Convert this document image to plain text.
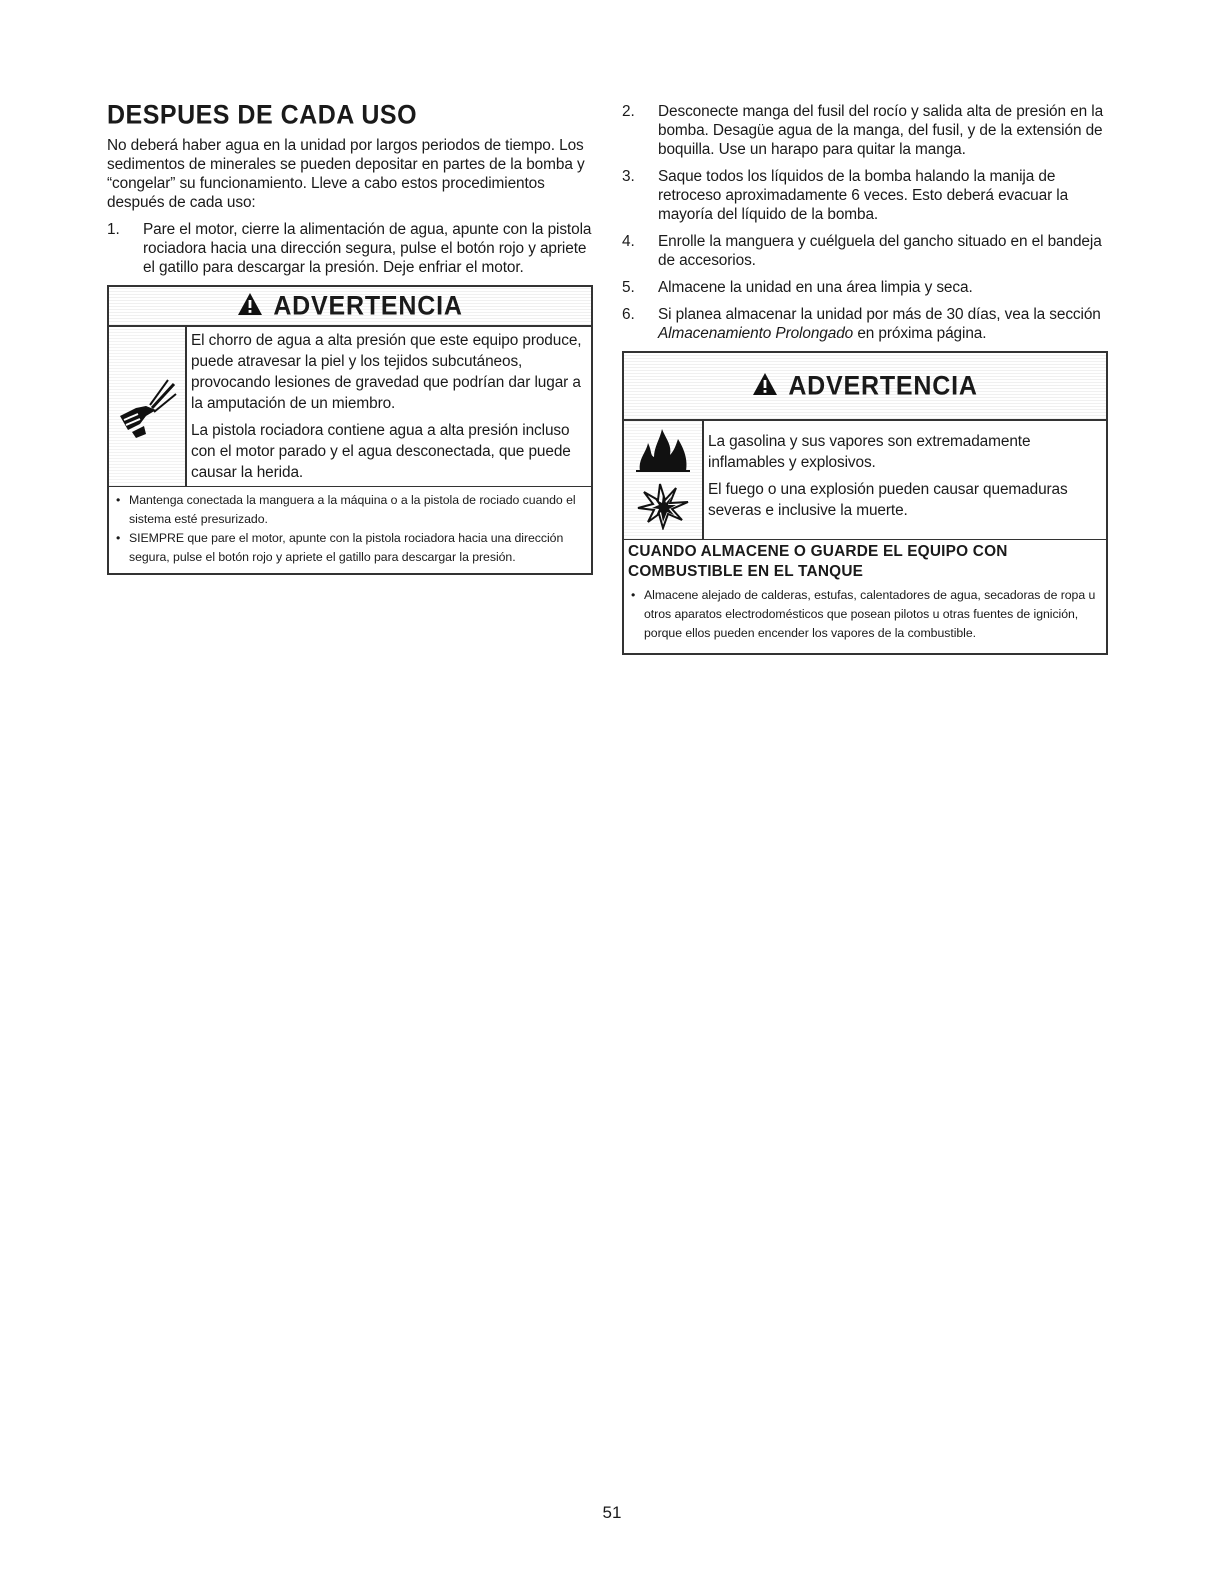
DESPUES DE CADA USO

No deberá haber agua en la unidad por largos periodos de tiempo. Los sedimentos de minerales se pueden depositar en partes de la bomba y “congelar” su funcionamiento. Lleve a cabo estos procedimientos después de cada uso:

1. Pare el motor, cierre la alimentación de agua, apunte con la pistola rociadora hacia una dirección segura, pulse el botón rojo y apriete el gatillo para descargar la presión. Deje enfriar el motor.
ADVERTENCIA

El chorro de agua a alta presión que este equipo produce, puede atravesar la piel y los tejidos subcutáneos, provocando lesiones de gravedad que podrían dar lugar a la amputación de un miembro.

La pistola rociadora contiene agua a alta presión incluso con el motor parado y el agua desconectada, que puede causar la herida.

• Mantenga conectada la manguera a la máquina o a la pistola de rociado cuando el sistema esté presurizado.
• SIEMPRE que pare el motor, apunte con la pistola rociadora hacia una dirección segura, pulse el botón rojo y apriete el gatillo para descargar la presión.
2. Desconecte manga del fusil del rocío y salida alta de presión en la bomba. Desagüe agua de la manga, del fusil, y de la extensión de boquilla. Use un harapo para quitar la manga.
3. Saque todos los líquidos de la bomba halando la manija de retroceso aproximadamente 6 veces. Esto deberá evacuar la mayoría del líquido de la bomba.
4. Enrolle la manguera y cuélguela del gancho situado en el bandeja de accesorios.
5. Almacene la unidad en una área limpia y seca.
6. Si planea almacenar la unidad por más de 30 días, vea la sección Almacenamiento Prolongado en próxima página.
ADVERTENCIA

La gasolina y sus vapores son extremadamente inflamables y explosivos.

El fuego o una explosión pueden causar quemaduras severas e inclusive la muerte.

CUANDO ALMACENE O GUARDE EL EQUIPO CON COMBUSTIBLE EN EL TANQUE
• Almacene alejado de calderas, estufas, calentadores de agua, secadoras de ropa u otros aparatos electrodomésticos que posean pilotos u otras fuentes de ignición, porque ellos pueden encender los vapores de la combustible.
51
